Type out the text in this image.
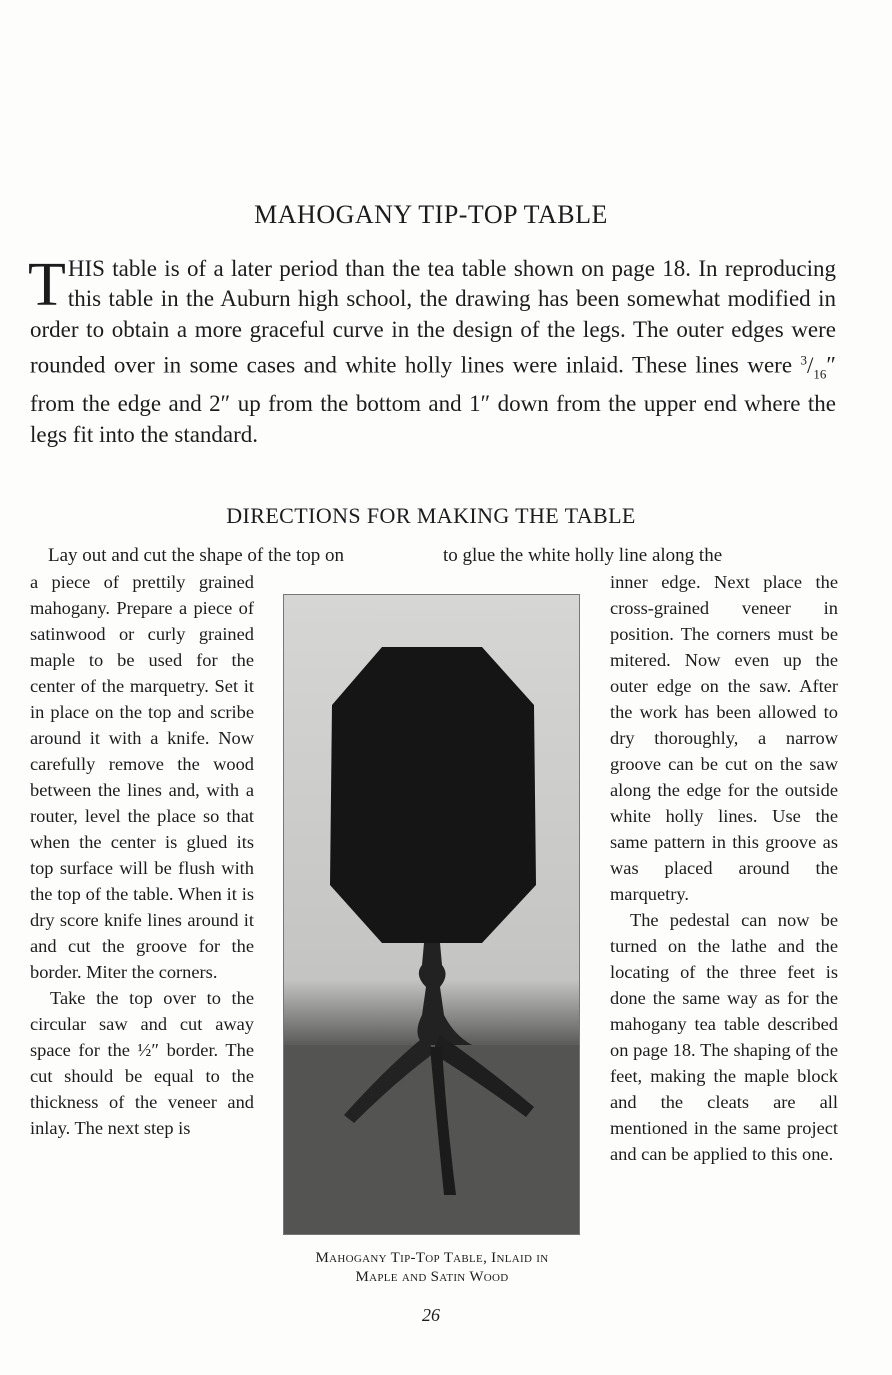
MAHOGANY TIP-TOP TABLE
THIS table is of a later period than the tea table shown on page 18. In reproducing this table in the Auburn high school, the drawing has been somewhat modified in order to obtain a more graceful curve in the design of the legs. The outer edges were rounded over in some cases and white holly lines were inlaid. These lines were $^3/_{16}''$ from the edge and 2″ up from the bottom and 1″ down from the upper end where the legs fit into the standard.
DIRECTIONS FOR MAKING THE TABLE
Lay out and cut the shape of the top on	to glue the white holly line along the

a piece of prettily grained mahogany. Prepare a piece of satinwood or curly grained maple to be used for the center of the marquetry. Set it in place on the top and scribe around it with a knife. Now carefully remove the wood between the lines and, with a router, level the place so that when the center is glued its top surface will be flush with the top of the table. When it is dry score knife lines around it and cut the groove for the border. Miter the corners.

Take the top over to the circular saw and cut away space for the ½″ border. The cut should be equal to the thickness of the veneer and inlay. The next step is

inner edge. Next place the cross-grained veneer in position. The corners must be mitered. Now even up the outer edge on the saw. After the work has been allowed to dry thoroughly, a narrow groove can be cut on the saw along the edge for the outside white holly lines. Use the same pattern in this groove as was placed around the marquetry.

The pedestal can now be turned on the lathe and the locating of the three feet is done the same way as for the mahogany tea table described on page 18. The shaping of the feet, making the maple block and the cleats are all mentioned in the same project and can be applied to this one.

Mahogany Tip-Top Table, Inlaid in
Maple and Satin Wood
26
